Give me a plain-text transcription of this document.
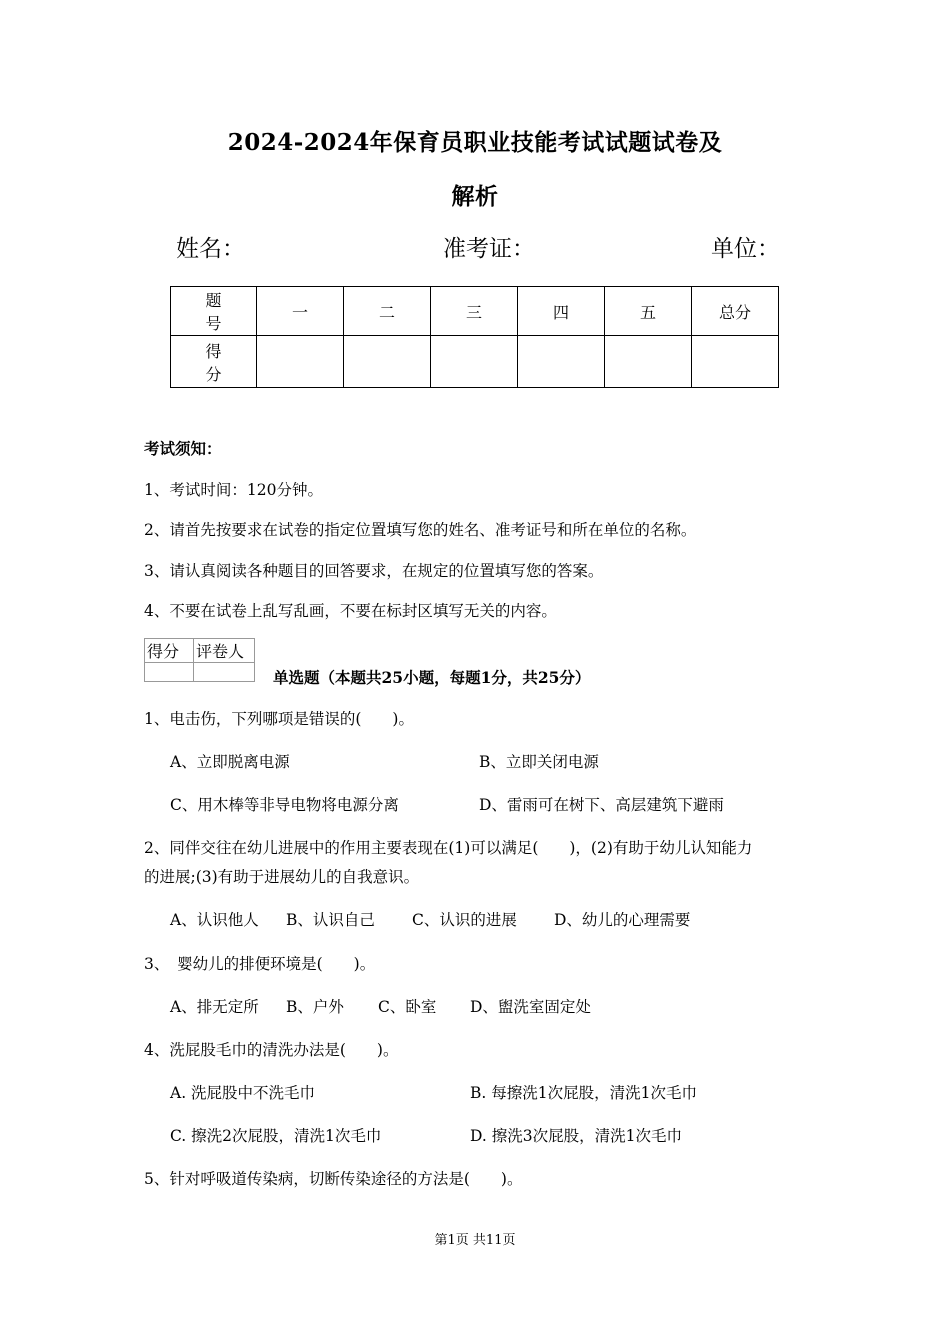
2024-2024年保育员职业技能考试试题试卷及
解析
姓名：	准考证：	单位：
题 号	一	二	三	四	五	总分
得 分						
考试须知：
1、考试时间：120分钟。
2、请首先按要求在试卷的指定位置填写您的姓名、准考证号和所在单位的名称。
3、请认真阅读各种题目的回答要求，在规定的位置填写您的答案。
4、不要在试卷上乱写乱画，不要在标封区填写无关的内容。
得分	评卷人

单选题（本题共25小题，每题1分，共25分）
1、电击伤，下列哪项是错误的(　　)。
A、立即脱离电源	B、立即关闭电源
C、用木棒等非导电物将电源分离	D、雷雨可在树下、高层建筑下避雨
2、同伴交往在幼儿进展中的作用主要表现在(1)可以满足(　　)，(2)有助于幼儿认知能力
的进展;(3)有助于进展幼儿的自我意识。
A、认识他人 B、认识自己 C、认识的进展 D、幼儿的心理需要
3、　婴幼儿的排便环境是(　　)。
A、排无定所 B、户外 C、卧室 D、盥洗室固定处
4、洗屁股毛巾的清洗办法是(　　)。
A. 洗屁股中不洗毛巾	B. 每擦洗1次屁股，清洗1次毛巾
C. 擦洗2次屁股，清洗1次毛巾	D. 擦洗3次屁股，清洗1次毛巾
5、针对呼吸道传染病，切断传染途径的方法是(　　)。
第1页 共11页
